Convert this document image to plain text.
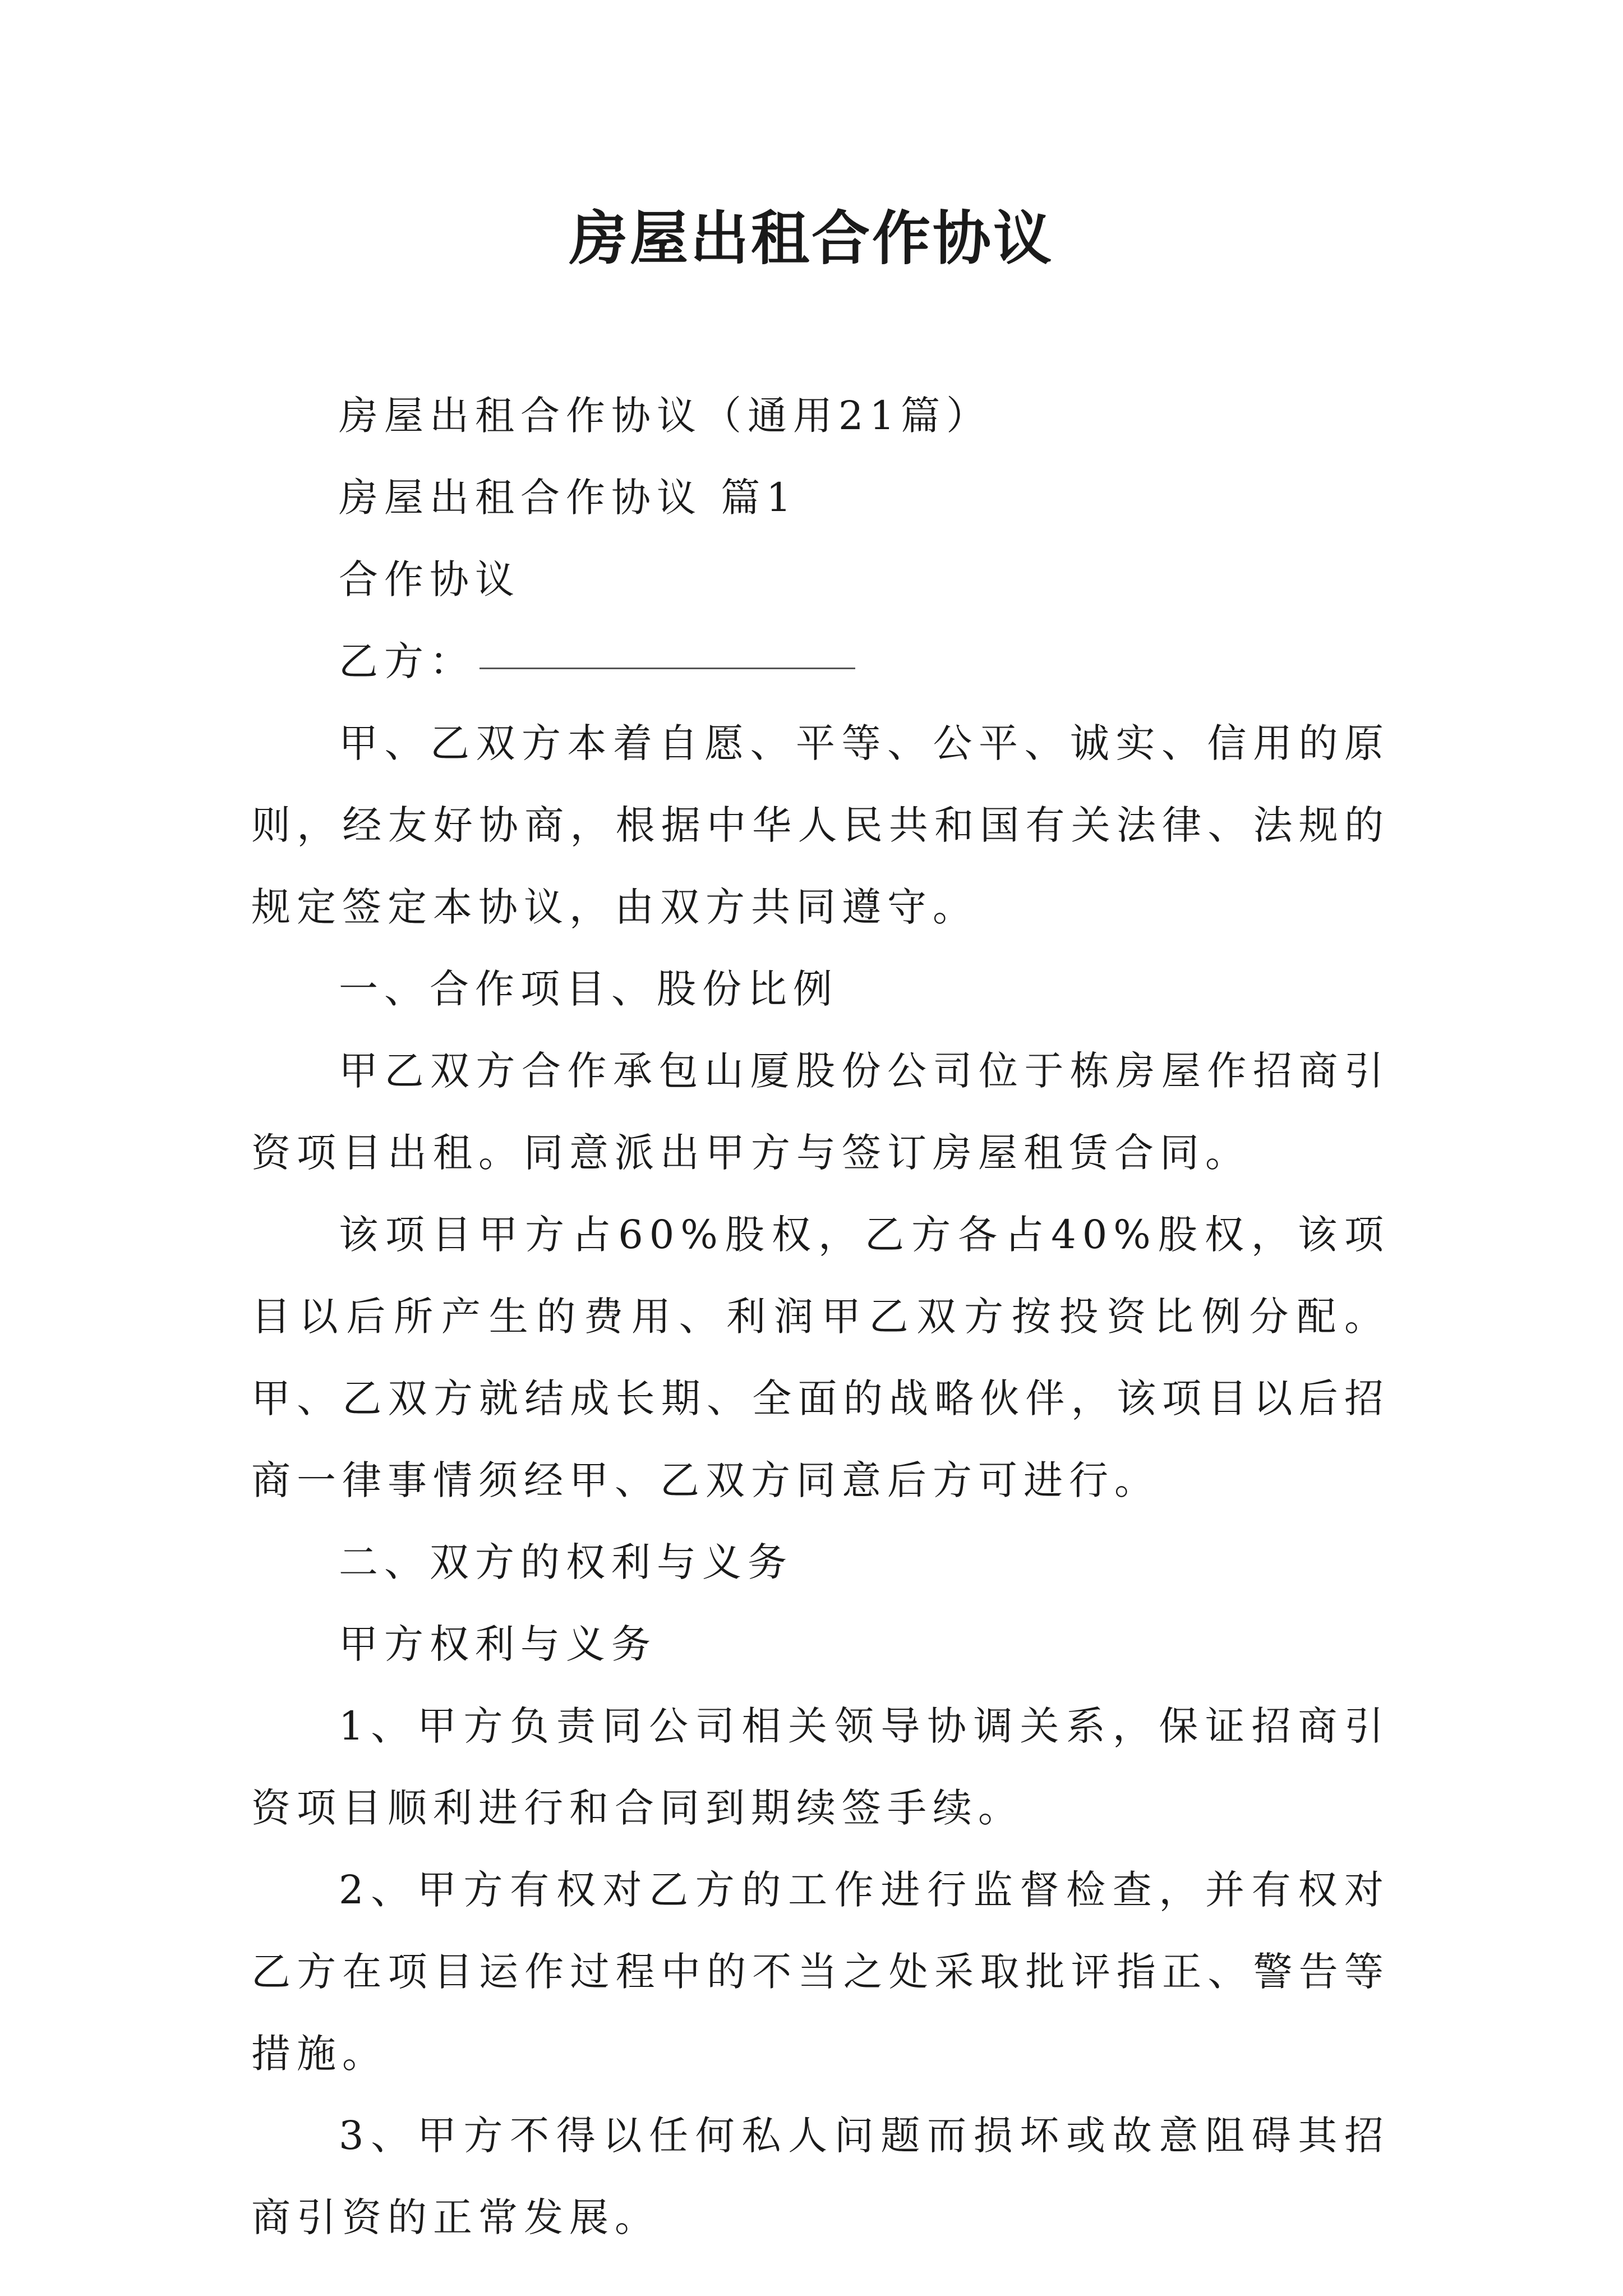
房屋出租合作协议

房屋出租合作协议（通用21篇）

房屋出租合作协议 篇1

合作协议

乙方：

甲、乙双方本着自愿、平等、公平、诚实、信用的原则，经友好协商，根据中华人民共和国有关法律、法规的规定签定本协议，由双方共同遵守。

一、合作项目、股份比例

甲乙双方合作承包山厦股份公司位于栋房屋作招商引资项目出租。同意派出甲方与签订房屋租赁合同。

该项目甲方占60%股权，乙方各占40%股权，该项目以后所产生的费用、利润甲乙双方按投资比例分配。甲、乙双方就结成长期、全面的战略伙伴，该项目以后招商一律事情须经甲、乙双方同意后方可进行。

二、双方的权利与义务

甲方权利与义务

1、甲方负责同公司相关领导协调关系，保证招商引资项目顺利进行和合同到期续签手续。

2、甲方有权对乙方的工作进行监督检查，并有权对乙方在项目运作过程中的不当之处采取批评指正、警告等措施。

3、甲方不得以任何私人问题而损坏或故意阻碍其招商引资的正常发展。
